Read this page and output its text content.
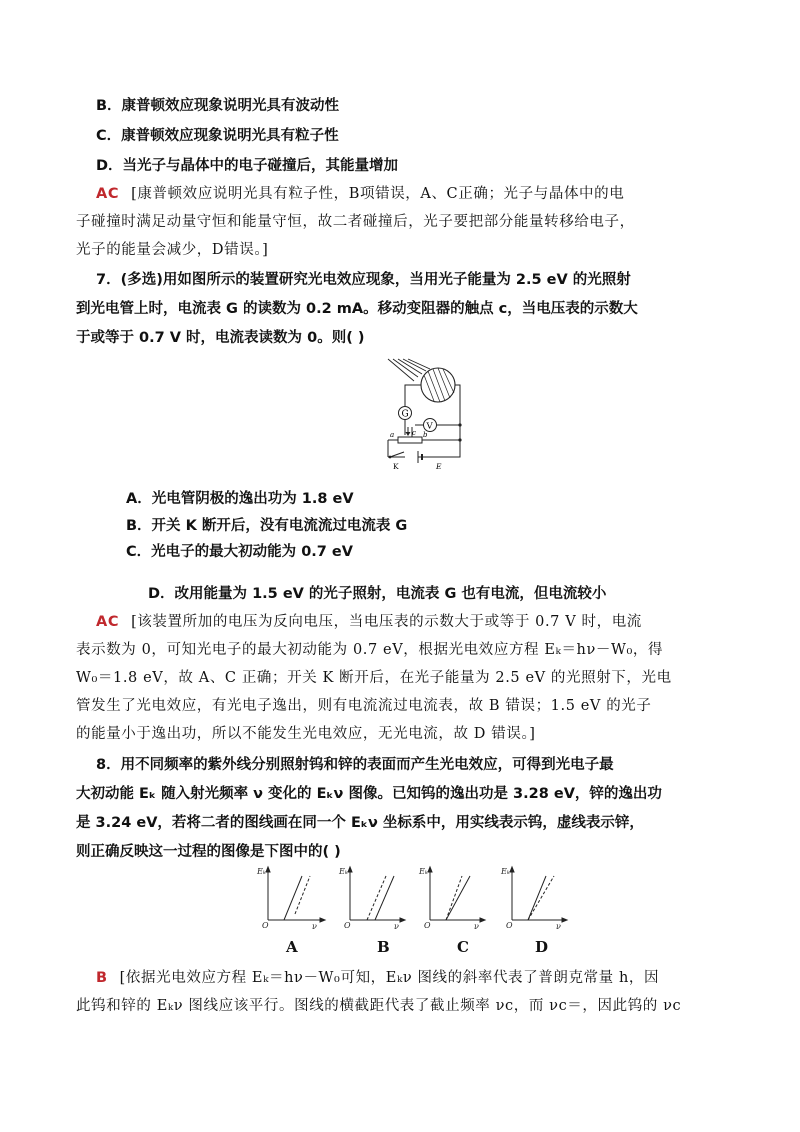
B．康普顿效应现象说明光具有波动性
C．康普顿效应现象说明光具有粒子性
D．当光子与晶体中的电子碰撞后，其能量增加
AC [康普顿效应说明光具有粒子性，B项错误，A、C正确；光子与晶体中的电
子碰撞时满足动量守恒和能量守恒，故二者碰撞后，光子要把部分能量转移给电子，
光子的能量会减少，D错误。]
7．(多选)用如图所示的装置研究光电效应现象，当用光子能量为 2.5 eV 的光照射
到光电管上时，电流表 G 的读数为 0.2 mA。移动变阻器的触点 c，当电压表的示数大
于或等于 0.7 V 时，电流表读数为 0。则( )
G
V
c
a	b
K	E
A．光电管阴极的逸出功为 1.8 eV
B．开关 K 断开后，没有电流流过电流表 G
C．光电子的最大初动能为 0.7 eV
D．改用能量为 1.5 eV 的光子照射，电流表 G 也有电流，但电流较小
AC [该装置所加的电压为反向电压，当电压表的示数大于或等于 0.7 V 时，电流
表示数为 0，可知光电子的最大初动能为 0.7 eV，根据光电效应方程 Eₖ＝hν－W₀，得
W₀＝1.8 eV，故 A、C 正确；开关 K 断开后，在光子能量为 2.5 eV 的光照射下，光电
管发生了光电效应，有光电子逸出，则有电流流过电流表，故 B 错误；1.5 eV 的光子
的能量小于逸出功，所以不能发生光电效应，无光电流，故 D 错误。]
8．用不同频率的紫外线分别照射钨和锌的表面而产生光电效应，可得到光电子最
大初动能 Eₖ 随入射光频率 ν 变化的 Eₖν 图像。已知钨的逸出功是 3.28 eV，锌的逸出功
是 3.24 eV，若将二者的图线画在同一个 Eₖν 坐标系中，用实线表示钨，虚线表示锌，
则正确反映这一过程的图像是下图中的( )
Eₖ
O	ν
Eₖ
O	ν
Eₖ
O	ν
Eₖ
O	ν
A	B	C	D
B [依据光电效应方程 Eₖ＝hν－W₀可知，Eₖν 图线的斜率代表了普朗克常量 h，因
此钨和锌的 Eₖν 图线应该平行。图线的横截距代表了截止频率 νc，而 νc＝，因此钨的 νc
